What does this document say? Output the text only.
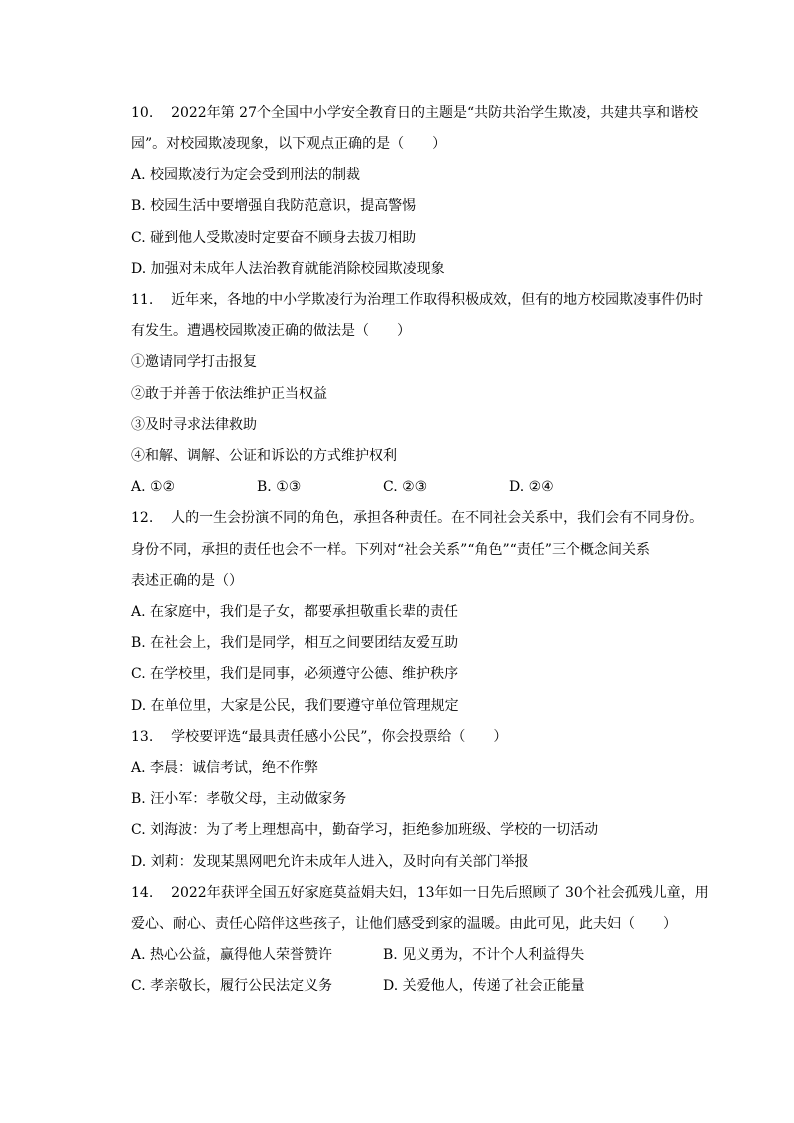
10. 2022年第 27个全国中小学安全教育日的主题是“共防共治学生欺凌，共建共享和谐校
园”。对校园欺凌现象，以下观点正确的是（　　）
A. 校园欺凌行为定会受到刑法的制裁
B. 校园生活中要增强自我防范意识，提高警惕
C. 碰到他人受欺凌时定要奋不顾身去拔刀相助
D. 加强对未成年人法治教育就能消除校园欺凌现象
11. 近年来，各地的中小学欺凌行为治理工作取得积极成效，但有的地方校园欺凌事件仍时
有发生。遭遇校园欺凌正确的做法是（　　）
①邀请同学打击报复
②敢于并善于依法维护正当权益
③及时寻求法律救助
④和解、调解、公证和诉讼的方式维护权利
A. ①②	B. ①③	C. ②③	D. ②④
12. 人的一生会扮演不同的角色，承担各种责任。在不同社会关系中，我们会有不同身份。
身份不同，承担的责任也会不一样。下列对“社会关系”“角色”“责任”三个概念间关系
表述正确的是（）
A. 在家庭中，我们是子女，都要承担敬重长辈的责任
B. 在社会上，我们是同学，相互之间要团结友爱互助
C. 在学校里，我们是同事，必须遵守公德、维护秩序
D. 在单位里，大家是公民，我们要遵守单位管理规定
13. 学校要评选“最具责任感小公民”，你会投票给（　　）
A. 李晨：诚信考试，绝不作弊
B. 汪小军：孝敬父母，主动做家务
C. 刘海波：为了考上理想高中，勤奋学习，拒绝参加班级、学校的一切活动
D. 刘莉：发现某黑网吧允许未成年人进入，及时向有关部门举报
14. 2022年获评全国五好家庭莫益娟夫妇，13年如一日先后照顾了 30个社会孤残儿童，用
爱心、耐心、责任心陪伴这些孩子，让他们感受到家的温暖。由此可见，此夫妇（　　）
A. 热心公益，赢得他人荣誉赞许	B. 见义勇为，不计个人利益得失
C. 孝亲敬长，履行公民法定义务	D. 关爱他人，传递了社会正能量
